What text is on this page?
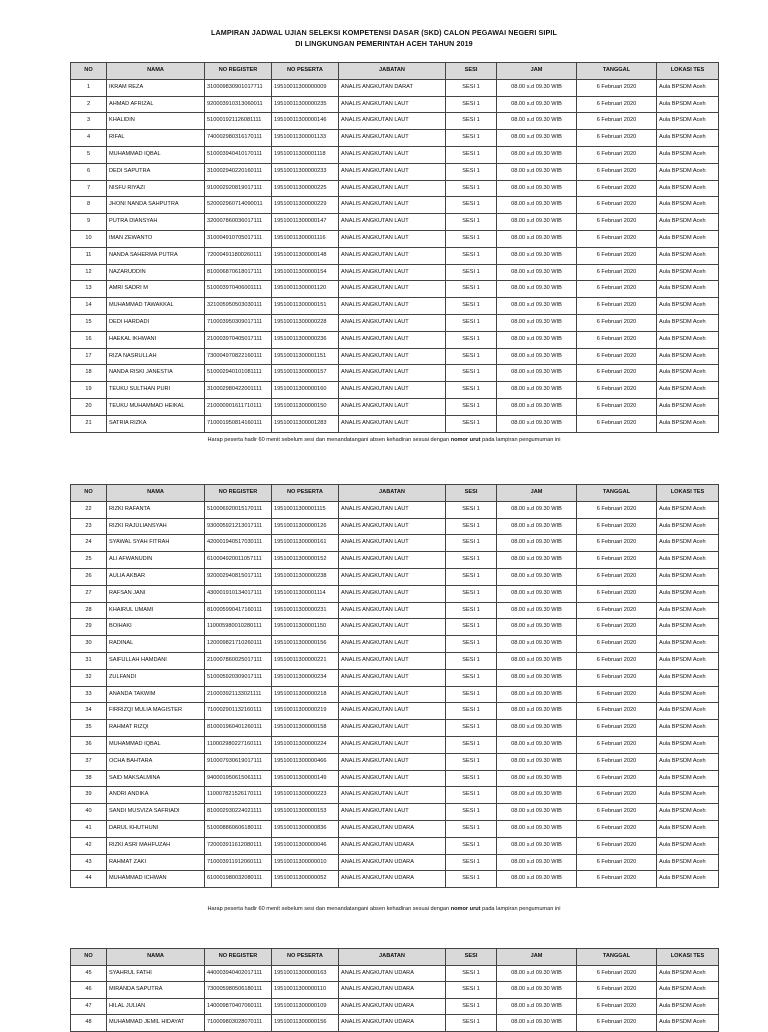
LAMPIRAN JADWAL UJIAN SELEKSI KOMPETENSI DASAR (SKD) CALON PEGAWAI NEGERI SIPIL
DI LINGKUNGAN PEMERINTAH ACEH TAHUN 2019
NO	NAMA	NO REGISTER	NO PESERTA	JABATAN	SESI	JAM	TANGGAL	LOKASI TES
1	IKRAM REZA	310009830901017711	19510011300000009	ANALIS ANGKUTAN DARAT	SESI 1	08.00 s.d 09.30 WIB	6 Februari 2020	Aula BPSDM Aceh
2	AHMAD AFRIZAL	920003910313060011	19510011300000235	ANALIS ANGKUTAN LAUT	SESI 1	08.00 s.d 09.30 WIB	6 Februari 2020	Aula BPSDM Aceh
3	KHALIDIN	510001921126081111	19510011300000146	ANALIS ANGKUTAN LAUT	SESI 1	08.00 s.d 09.30 WIB	6 Februari 2020	Aula BPSDM Aceh
4	RIFAL	740002980316170111	19510011300001133	ANALIS ANGKUTAN LAUT	SESI 1	08.00 s.d 09.30 WIB	6 Februari 2020	Aula BPSDM Aceh
5	MUHAMMAD IQBAL	510003940410170111	19510011300001118	ANALIS ANGKUTAN LAUT	SESI 1	08.00 s.d 09.30 WIB	6 Februari 2020	Aula BPSDM Aceh
6	DEDI SAPUTRA	310002940220160111	19510011300000233	ANALIS ANGKUTAN LAUT	SESI 1	08.00 s.d 09.30 WIB	6 Februari 2020	Aula BPSDM Aceh
7	NISFU RIYAZI	910002920819017111	19510011300000225	ANALIS ANGKUTAN LAUT	SESI 1	08.00 s.d 09.30 WIB	6 Februari 2020	Aula BPSDM Aceh
8	JHONI NANDA SAHPUTRA	520002960714090011	19510011300000229	ANALIS ANGKUTAN LAUT	SESI 1	08.00 s.d 09.30 WIB	6 Februari 2020	Aula BPSDM Aceh
9	PUTRA DIANSYAH	320007860036017111	19510011300000147	ANALIS ANGKUTAN LAUT	SESI 1	08.00 s.d 09.30 WIB	6 Februari 2020	Aula BPSDM Aceh
10	IMAN ZEWANTO	310004910705017111	19510011300001116	ANALIS ANGKUTAN LAUT	SESI 1	08.00 s.d 09.30 WIB	6 Februari 2020	Aula BPSDM Aceh
11	NANDA SAHERMA PUTRA	720004911800260111	19510011300000148	ANALIS ANGKUTAN LAUT	SESI 1	08.00 s.d 09.30 WIB	6 Februari 2020	Aula BPSDM Aceh
12	NAZARUDDIN	810006870618017111	19510011300000154	ANALIS ANGKUTAN LAUT	SESI 1	08.00 s.d 09.30 WIB	6 Februari 2020	Aula BPSDM Aceh
13	AMRI SADRI M	510003970406001111	19510011300001120	ANALIS ANGKUTAN LAUT	SESI 1	08.00 s.d 09.30 WIB	6 Februari 2020	Aula BPSDM Aceh
14	MUHAMMAD TAWAKKAL	321005950503030111	19510011300000151	ANALIS ANGKUTAN LAUT	SESI 1	08.00 s.d 09.30 WIB	6 Februari 2020	Aula BPSDM Aceh
15	DEDI HARDADI	710003950309017111	19510011300000228	ANALIS ANGKUTAN LAUT	SESI 1	08.00 s.d 09.30 WIB	6 Februari 2020	Aula BPSDM Aceh
16	HAEKAL IKHWANI	210003970405017111	19510011300000236	ANALIS ANGKUTAN LAUT	SESI 1	08.00 s.d 09.30 WIB	6 Februari 2020	Aula BPSDM Aceh
17	RIZA NASRULLAH	730004970822160111	19510011300001151	ANALIS ANGKUTAN LAUT	SESI 1	08.00 s.d 09.30 WIB	6 Februari 2020	Aula BPSDM Aceh
18	NANDA RISKI JANESTIA	510002940101081111	19510011300000157	ANALIS ANGKUTAN LAUT	SESI 1	08.00 s.d 09.30 WIB	6 Februari 2020	Aula BPSDM Aceh
19	TEUKU SULTHAN PURI	310002980422001111	19510011300000160	ANALIS ANGKUTAN LAUT	SESI 1	08.00 s.d 09.30 WIB	6 Februari 2020	Aula BPSDM Aceh
20	TEUKU MUHAMMAD HEIKAL	210000901611710111	19510011300000150	ANALIS ANGKUTAN LAUT	SESI 1	08.00 s.d 09.30 WIB	6 Februari 2020	Aula BPSDM Aceh
21	SATRIA RIZKA	710001950814160111	19510011300001283	ANALIS ANGKUTAN LAUT	SESI 1	08.00 s.d 09.30 WIB	6 Februari 2020	Aula BPSDM Aceh
NO	NAMA	NO REGISTER	NO PESERTA	JABATAN	SESI	JAM	TANGGAL	LOKASI TES
22	RIZKI RAFANTA	510006920015170111	19510011300001115	ANALIS ANGKUTAN LAUT	SESI 1	08.00 s.d 09.30 WIB	6 Februari 2020	Aula BPSDM Aceh
23	RIZKI RAJULIANSYAH	930005921213017111	19510011300000126	ANALIS ANGKUTAN LAUT	SESI 1	08.00 s.d 09.30 WIB	6 Februari 2020	Aula BPSDM Aceh
24	SYAWAL SYAH FITRAH	420001940517030111	19510011300000161	ANALIS ANGKUTAN LAUT	SESI 1	08.00 s.d 09.30 WIB	6 Februari 2020	Aula BPSDM Aceh
25	ALI AFWANUDIN	610004920011057111	19510011300000152	ANALIS ANGKUTAN LAUT	SESI 1	08.00 s.d 09.30 WIB	6 Februari 2020	Aula BPSDM Aceh
26	AULIA AKBAR	920002940815017111	19510011300000238	ANALIS ANGKUTAN LAUT	SESI 1	08.00 s.d 09.30 WIB	6 Februari 2020	Aula BPSDM Aceh
27	RAFSAN JANI	430001910134017111	19510011300001114	ANALIS ANGKUTAN LAUT	SESI 1	08.00 s.d 09.30 WIB	6 Februari 2020	Aula BPSDM Aceh
28	KHAIRUL UMAMI	810005990417160111	19510011300000231	ANALIS ANGKUTAN LAUT	SESI 1	08.00 s.d 09.30 WIB	6 Februari 2020	Aula BPSDM Aceh
29	BOIHAKI	110005980010280111	19510011300001150	ANALIS ANGKUTAN LAUT	SESI 1	08.00 s.d 09.30 WIB	6 Februari 2020	Aula BPSDM Aceh
30	RADINAL	120009821710260111	19510011300000156	ANALIS ANGKUTAN LAUT	SESI 1	08.00 s.d 09.30 WIB	6 Februari 2020	Aula BPSDM Aceh
31	SAIFULLAH HAMDANI	210007860025017111	19510011300000221	ANALIS ANGKUTAN LAUT	SESI 1	08.00 s.d 09.30 WIB	6 Februari 2020	Aula BPSDM Aceh
32	ZULFANDI	510005920309017111	19510011300000234	ANALIS ANGKUTAN LAUT	SESI 1	08.00 s.d 09.30 WIB	6 Februari 2020	Aula BPSDM Aceh
33	ANANDA TAKWIM	210003921133021111	19510011300000218	ANALIS ANGKUTAN LAUT	SESI 1	08.00 s.d 09.30 WIB	6 Februari 2020	Aula BPSDM Aceh
34	FIRRIZQI MULIA MAGISTER	710002901132160111	19510011300000219	ANALIS ANGKUTAN LAUT	SESI 1	08.00 s.d 09.30 WIB	6 Februari 2020	Aula BPSDM Aceh
35	RAHMAT RIZQI	810001960401260111	19510011300000158	ANALIS ANGKUTAN LAUT	SESI 1	08.00 s.d 09.30 WIB	6 Februari 2020	Aula BPSDM Aceh
36	MUHAMMAD IQBAL	110002980227160111	19510011300000224	ANALIS ANGKUTAN LAUT	SESI 1	08.00 s.d 09.30 WIB	6 Februari 2020	Aula BPSDM Aceh
37	OCHA BAHTARA	910007930619017111	19510011300000466	ANALIS ANGKUTAN LAUT	SESI 1	08.00 s.d 09.30 WIB	6 Februari 2020	Aula BPSDM Aceh
38	SAID MAKSALMINA	940001950615061111	19510011300000149	ANALIS ANGKUTAN LAUT	SESI 1	08.00 s.d 09.30 WIB	6 Februari 2020	Aula BPSDM Aceh
39	ANDRI ANDIKA	110007821526170111	19510011300000223	ANALIS ANGKUTAN LAUT	SESI 1	08.00 s.d 09.30 WIB	6 Februari 2020	Aula BPSDM Aceh
40	SANDI MUSVIZA SAFRIADI	810002930224021111	19510011300000153	ANALIS ANGKUTAN LAUT	SESI 1	08.00 s.d 09.30 WIB	6 Februari 2020	Aula BPSDM Aceh
41	DARUL KHUTHUNI	510008860606180111	19510011300000836	ANALIS ANGKUTAN UDARA	SESI 1	08.00 s.d 09.30 WIB	6 Februari 2020	Aula BPSDM Aceh
42	RIZKI ASRI MAHFUZAH	720003911612080111	19510011300000046	ANALIS ANGKUTAN UDARA	SESI 1	08.00 s.d 09.30 WIB	6 Februari 2020	Aula BPSDM Aceh
43	RAHMAT ZAKI	710003911912060111	19510011300000010	ANALIS ANGKUTAN UDARA	SESI 1	08.00 s.d 09.30 WIB	6 Februari 2020	Aula BPSDM Aceh
44	MUHAMMAD ICHWAN	610001980032080111	19510011300000052	ANALIS ANGKUTAN UDARA	SESI 1	08.00 s.d 09.30 WIB	6 Februari 2020	Aula BPSDM Aceh
NO	NAMA	NO REGISTER	NO PESERTA	JABATAN	SESI	JAM	TANGGAL	LOKASI TES
45	SYAHRUL FATHI	440003940402017111	19510011300000163	ANALIS ANGKUTAN UDARA	SESI 1	08.00 s.d 09.30 WIB	6 Februari 2020	Aula BPSDM Aceh
46	MIRANDA SAPUTRA	730005980506180111	19510011300000110	ANALIS ANGKUTAN UDARA	SESI 1	08.00 s.d 09.30 WIB	6 Februari 2020	Aula BPSDM Aceh
47	HILAL JULIAN	140009870407060111	19510011300000109	ANALIS ANGKUTAN UDARA	SESI 1	08.00 s.d 09.30 WIB	6 Februari 2020	Aula BPSDM Aceh
48	MUHAMMAD JEMIL HIDAYAT	710009803028070111	19510011300000156	ANALIS ANGKUTAN UDARA	SESI 1	08.00 s.d 09.30 WIB	6 Februari 2020	Aula BPSDM Aceh
Harap peserta hadir 60 menit sebelum sesi dan menandatangani absen kehadiran sesuai dengan nomor urut pada lampiran pengumuman ini
Harap peserta hadir 60 menit sebelum sesi dan menandatangani absen kehadiran sesuai dengan nomor urut pada lampiran pengumuman ini
